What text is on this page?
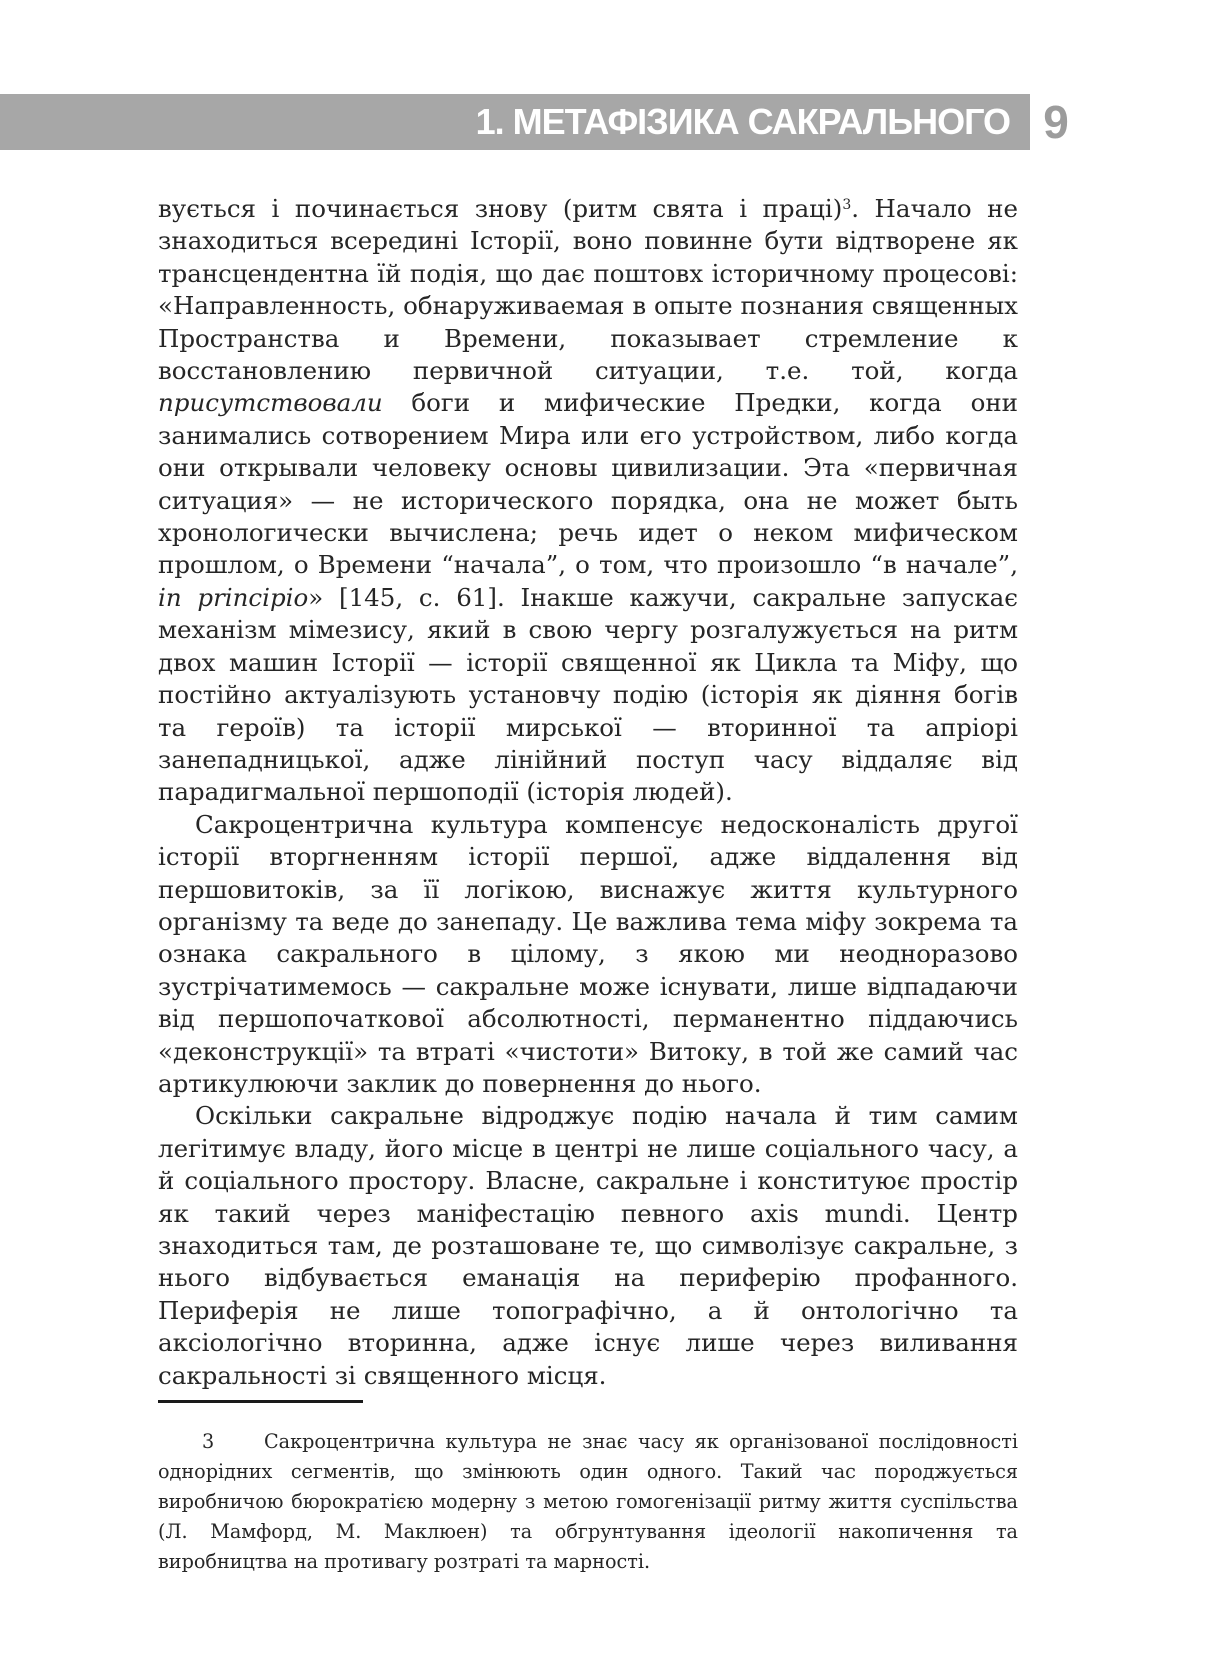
1. МЕТАФІЗИКА САКРАЛЬНОГО 9

вується і починається знову (ритм свята і праці)$^3$. Начало не знаходиться всередині Історії, воно повинне бути відтворене як трансцендентна їй подія, що дає поштовх історичному процесові: «Направленность, обнаруживаемая в опыте познания священных Пространства и Времени, показывает стремление к восстановлению первичной ситуации, т.е. той, когда присутствовали боги и мифические Предки, когда они занимались сотворением Мира или его устройством, либо когда они открывали человеку основы цивилизации. Эта «первичная ситуация» — не исторического порядка, она не может быть хронологически вычислена; речь идет о неком мифическом прошлом, о Времени “начала”, о том, что произошло “в начале”, in principio» [145, с. 61]. Інакше кажучи, сакральне запускає механізм мімезису, який в свою чергу розгалужується на ритм двох машин Історії — історії священної як Цикла та Міфу, що постійно актуалізують установчу подію (історія як діяння богів та героїв) та історії мирської — вторинної та апріорі занепадницької, адже лінійний поступ часу віддаляє від парадигмальної першоподії (історія людей).

Сакроцентрична культура компенсує недосконалість другої історії вторгненням історії першої, адже віддалення від першовитоків, за її логікою, виснажує життя культурного організму та веде до занепаду. Це важлива тема міфу зокрема та ознака сакрального в цілому, з якою ми неодноразово зустрічатимемось — сакральне може існувати, лише відпадаючи від першопочаткової абсолютності, перманентно піддаючись «деконструкції» та втраті «чистоти» Витоку, в той же самий час артикулюючи заклик до повернення до нього.

Оскільки сакральне відроджує подію начала й тим самим легітимує владу, його місце в центрі не лише соціального часу, а й соціального простору. Власне, сакральне і конституює простір як такий через маніфестацію певного axis mundi. Центр знаходиться там, де розташоване те, що символізує сакральне, з нього відбувається еманація на периферію профанного. Периферія не лише топографічно, а й онтологічно та аксіологічно вторинна, адже існує лише через виливання сакральності зі священного місця.

3	Сакроцентрична культура не знає часу як організованої послідовності однорідних сегментів, що змінюють один одного. Такий час породжується виробничою бюрократією модерну з метою гомогенізації ритму життя суспільства (Л. Мамфорд, М. Маклюен) та обгрунтування ідеології накопичення та виробництва на противагу розтраті та марності.
